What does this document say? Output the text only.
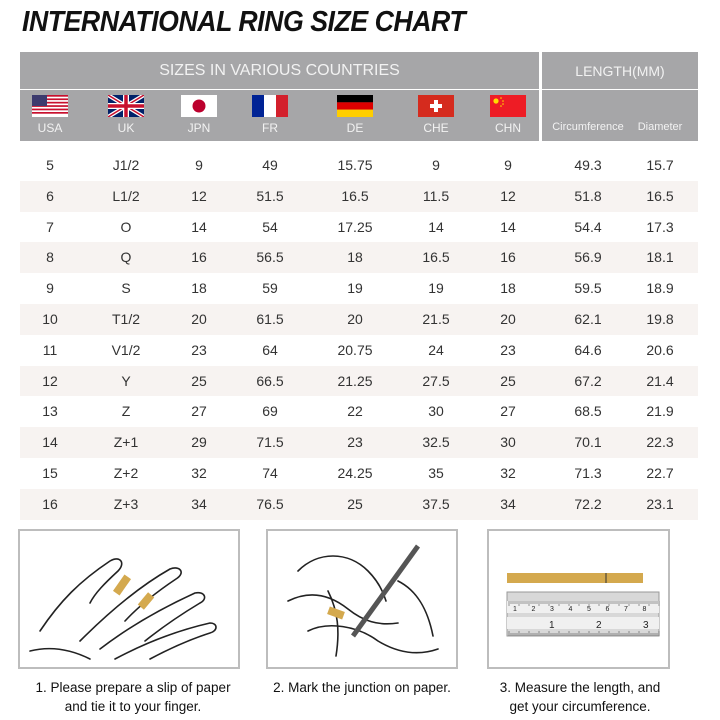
INTERNATIONAL RING SIZE CHART
SIZES IN VARIOUS COUNTRIES	LENGTH(MM)
USA	UK	JPN	FR	DE	CHE	CHN	Circumference Diameter
5	J1/2	9	49	15.75	9	9	49.3	15.7
6	L1/2	12	51.5	16.5	11.5	12	51.8	16.5
7	O	14	54	17.25	14	14	54.4	17.3
8	Q	16	56.5	18	16.5	16	56.9	18.1
9	S	18	59	19	19	18	59.5	18.9
10	T1/2	20	61.5	20	21.5	20	62.1	19.8
11	V1/2	23	64	20.75	24	23	64.6	20.6
12	Y	25	66.5	21.25	27.5	25	67.2	21.4
13	Z	27	69	22	30	27	68.5	21.9
14	Z+1	29	71.5	23	32.5	30	70.1	22.3
15	Z+2	32	74	24.25	35	32	71.3	22.7
16	Z+3	34	76.5	25	37.5	34	72.2	23.1
1 2 3 4 5 6 7 8
1	2	3
1. Please prepare a slip of paper
and tie it to your finger.
2. Mark the junction on paper.	3. Measure the length, and
get your circumference.
